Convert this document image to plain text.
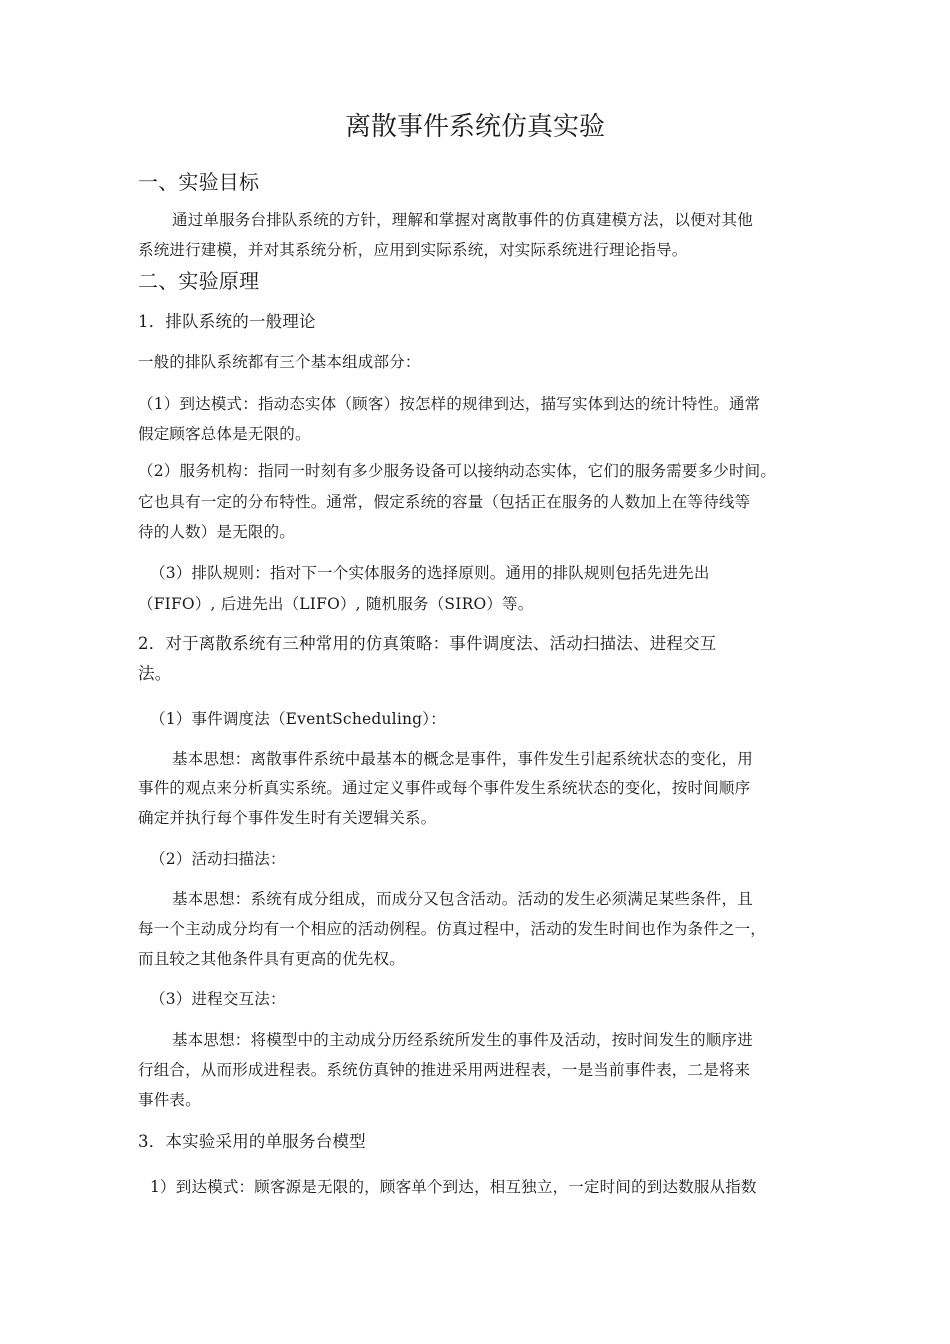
离散事件系统仿真实验
一、实验目标
通过单服务台排队系统的方针，理解和掌握对离散事件的仿真建模方法，以便对其他
系统进行建模，并对其系统分析，应用到实际系统，对实际系统进行理论指导。
二、实验原理
1．排队系统的一般理论
一般的排队系统都有三个基本组成部分：
（1）到达模式：指动态实体（顾客）按怎样的规律到达，描写实体到达的统计特性。通常
假定顾客总体是无限的。
（2）服务机构：指同一时刻有多少服务设备可以接纳动态实体，它们的服务需要多少时间。
它也具有一定的分布特性。通常，假定系统的容量（包括正在服务的人数加上在等待线等
待的人数）是无限的。
（3）排队规则：指对下一个实体服务的选择原则。通用的排队规则包括先进先出
（FIFO）, 后进先出（LIFO）, 随机服务（SIRO）等。
2．对于离散系统有三种常用的仿真策略：事件调度法、活动扫描法、进程交互
法。
（1）事件调度法（EventScheduling）：
基本思想：离散事件系统中最基本的概念是事件，事件发生引起系统状态的变化，用
事件的观点来分析真实系统。通过定义事件或每个事件发生系统状态的变化，按时间顺序
确定并执行每个事件发生时有关逻辑关系。
（2）活动扫描法：
基本思想：系统有成分组成，而成分又包含活动。活动的发生必须满足某些条件，且
每一个主动成分均有一个相应的活动例程。仿真过程中，活动的发生时间也作为条件之一，
而且较之其他条件具有更高的优先权。
（3）进程交互法：
基本思想：将模型中的主动成分历经系统所发生的事件及活动，按时间发生的顺序进
行组合，从而形成进程表。系统仿真钟的推进采用两进程表，一是当前事件表，二是将来
事件表。
3．本实验采用的单服务台模型
1）到达模式：顾客源是无限的，顾客单个到达，相互独立，一定时间的到达数服从指数
